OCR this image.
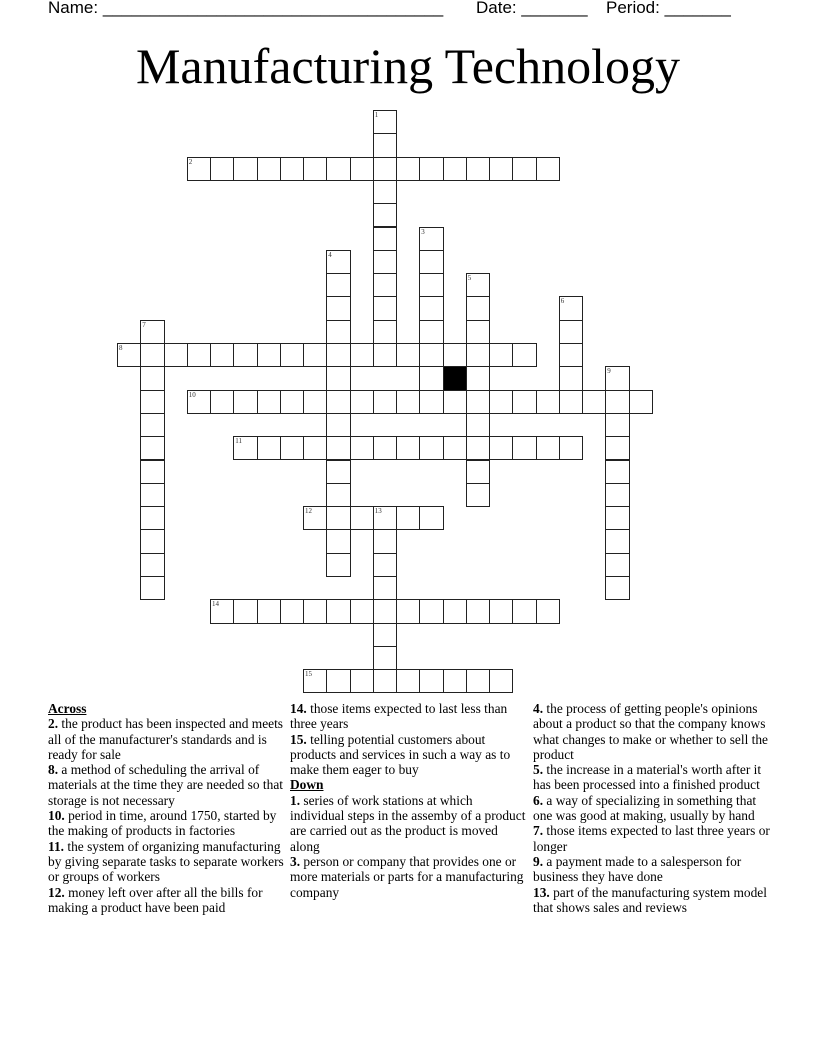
Name: ____________________________________ Date: _______ Period: _______
Manufacturing Technology
1
2
3
4
5
6
7
8
9
10
11
12	13
14
15
Across
2. the product has been inspected and meets all of the manufacturer's standards and is ready for sale
8. a method of scheduling the arrival of materials at the time they are needed so that storage is not necessary
10. period in time, around 1750, started by the making of products in factories
11. the system of organizing manufacturing by giving separate tasks to separate workers or groups of workers
12. money left over after all the bills for making a product have been paid
14. those items expected to last less than three years
15. telling potential customers about products and services in such a way as to make them eager to buy
Down
1. series of work stations at which individual steps in the assemby of a product are carried out as the product is moved along
3. person or company that provides one or more materials or parts for a manufacturing company
4. the process of getting people's opinions about a product so that the company knows what changes to make or whether to sell the product
5. the increase in a material's worth after it has been processed into a finished product
6. a way of specializing in something that one was good at making, usually by hand
7. those items expected to last three years or longer
9. a payment made to a salesperson for business they have done
13. part of the manufacturing system model that shows sales and reviews
